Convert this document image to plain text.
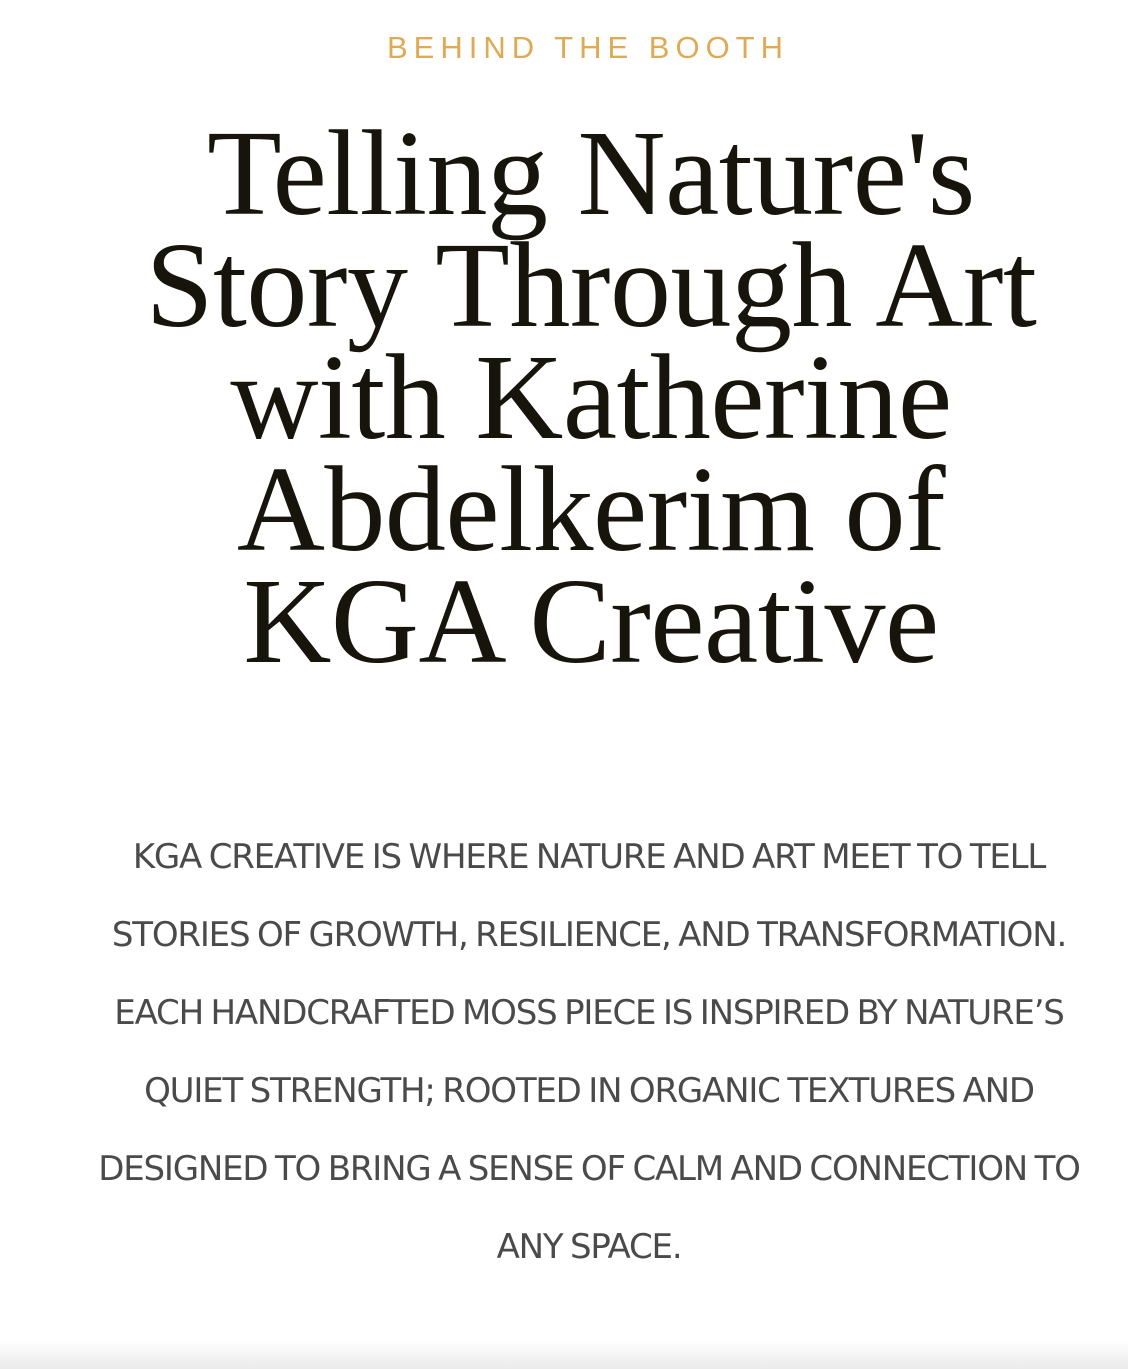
BEHIND THE BOOTH

Telling Nature's Story Through Art with Katherine Abdelkerim of KGA Creative

KGA CREATIVE IS WHERE NATURE AND ART MEET TO TELL STORIES OF GROWTH, RESILIENCE, AND TRANSFORMATION. EACH HANDCRAFTED MOSS PIECE IS INSPIRED BY NATURE’S QUIET STRENGTH; ROOTED IN ORGANIC TEXTURES AND DESIGNED TO BRING A SENSE OF CALM AND CONNECTION TO ANY SPACE.
